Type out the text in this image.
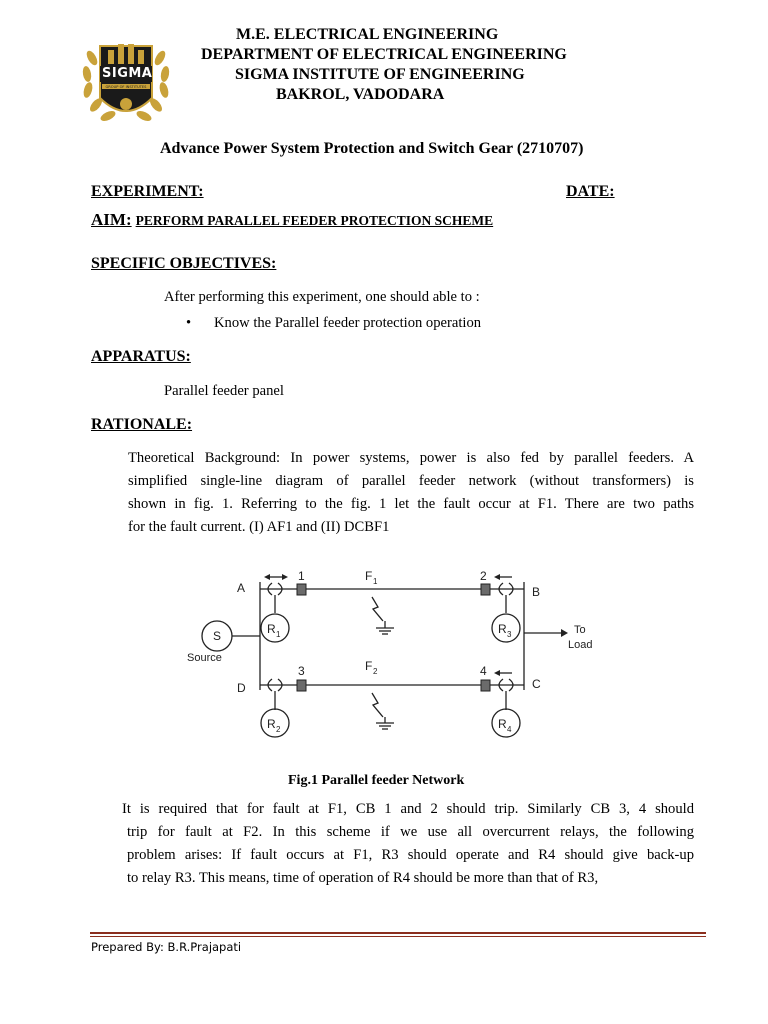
SIGMA
GROUP OF INSTITUTES
M.E. ELECTRICAL ENGINEERING
DEPARTMENT OF ELECTRICAL ENGINEERING
SIGMA INSTITUTE OF ENGINEERING
BAKROL, VADODARA
Advance Power System Protection and Switch Gear (2710707)
EXPERIMENT:	DATE:
AIM: PERFORM PARALLEL FEEDER PROTECTION SCHEME
SPECIFIC OBJECTIVES:
After performing this experiment, one should able to :
• Know the Parallel feeder protection operation
APPARATUS:
Parallel feeder panel
RATIONALE:
Theoretical Background: In power systems, power is also fed by parallel feeders. A
simplified single-line diagram of parallel feeder network (without transformers) is
shown in fig. 1. Referring to the fig. 1 let the fault occur at F1. There are two paths
for the fault current. (I) AF1 and (II) DCBF1
A	B
C
D
1	2
3	4
F 1
F 2
R 1
R 2
R 3
R 4
S
Source
To
Load
Fig.1 Parallel feeder Network
It is required that for fault at F1, CB 1 and 2 should trip. Similarly CB 3, 4 should
trip for fault at F2. In this scheme if we use all overcurrent relays, the following
problem arises: If fault occurs at F1, R3 should operate and R4 should give back-up
to relay R3. This means, time of operation of R4 should be more than that of R3,
Prepared By: B.R.Prajapati
